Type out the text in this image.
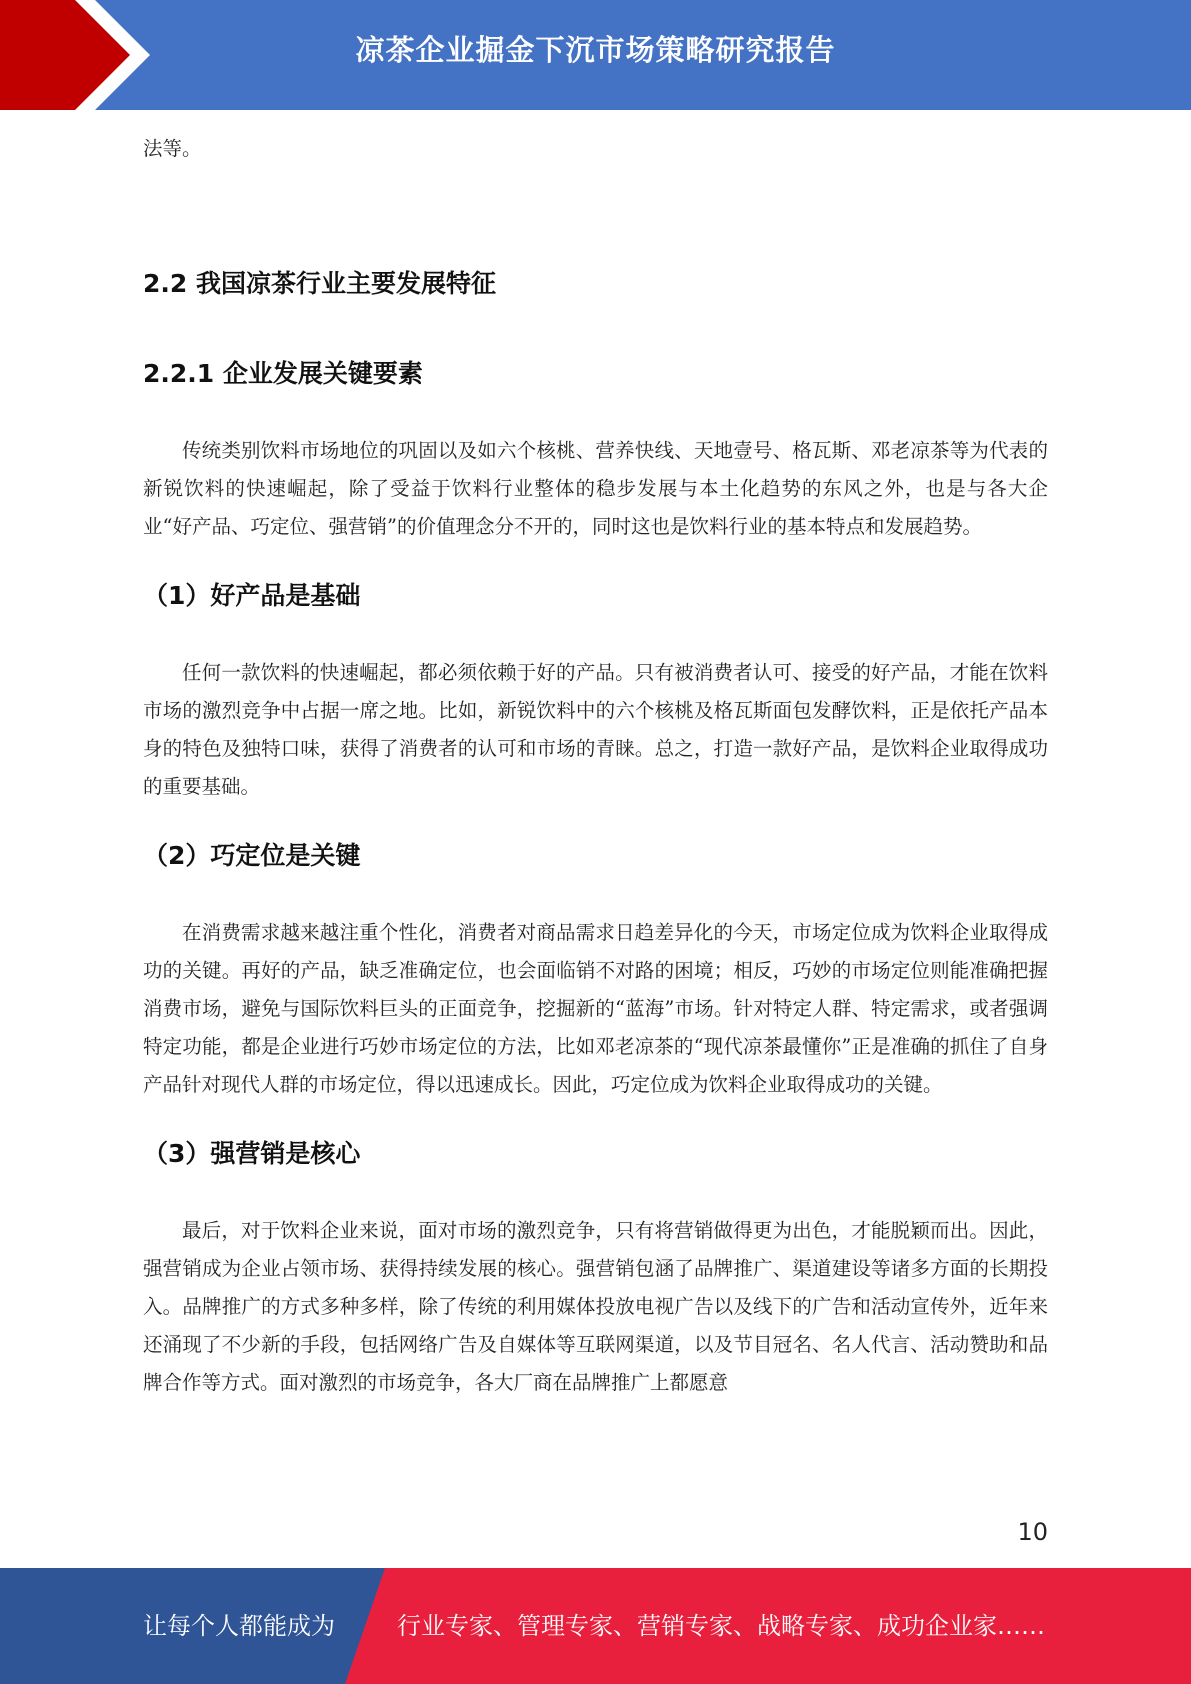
凉茶企业掘金下沉市场策略研究报告

法等。

2.2 我国凉茶行业主要发展特征
2.2.1 企业发展关键要素

传统类别饮料市场地位的巩固以及如六个核桃、营养快线、天地壹号、格瓦斯、邓老凉茶等为代表的新锐饮料的快速崛起，除了受益于饮料行业整体的稳步发展与本土化趋势的东风之外，也是与各大企业“好产品、巧定位、强营销”的价值理念分不开的，同时这也是饮料行业的基本特点和发展趋势。

（1）好产品是基础

任何一款饮料的快速崛起，都必须依赖于好的产品。只有被消费者认可、接受的好产品，才能在饮料市场的激烈竞争中占据一席之地。比如，新锐饮料中的六个核桃及格瓦斯面包发酵饮料，正是依托产品本身的特色及独特口味，获得了消费者的认可和市场的青睐。总之，打造一款好产品，是饮料企业取得成功的重要基础。

（2）巧定位是关键

在消费需求越来越注重个性化，消费者对商品需求日趋差异化的今天，市场定位成为饮料企业取得成功的关键。再好的产品，缺乏准确定位，也会面临销不对路的困境；相反，巧妙的市场定位则能准确把握消费市场，避免与国际饮料巨头的正面竞争，挖掘新的“蓝海”市场。针对特定人群、特定需求，或者强调特定功能，都是企业进行巧妙市场定位的方法，比如邓老凉茶的“现代凉茶最懂你”正是准确的抓住了自身产品针对现代人群的市场定位，得以迅速成长。因此，巧定位成为饮料企业取得成功的关键。

（3）强营销是核心

最后，对于饮料企业来说，面对市场的激烈竞争，只有将营销做得更为出色，才能脱颖而出。因此，强营销成为企业占领市场、获得持续发展的核心。强营销包涵了品牌推广、渠道建设等诸多方面的长期投入。品牌推广的方式多种多样，除了传统的利用媒体投放电视广告以及线下的广告和活动宣传外，近年来还涌现了不少新的手段，包括网络广告及自媒体等互联网渠道，以及节目冠名、名人代言、活动赞助和品牌合作等方式。面对激烈的市场竞争，各大厂商在品牌推广上都愿意

10
让每个人都能成为	行业专家、管理专家、营销专家、战略专家、成功企业家……
